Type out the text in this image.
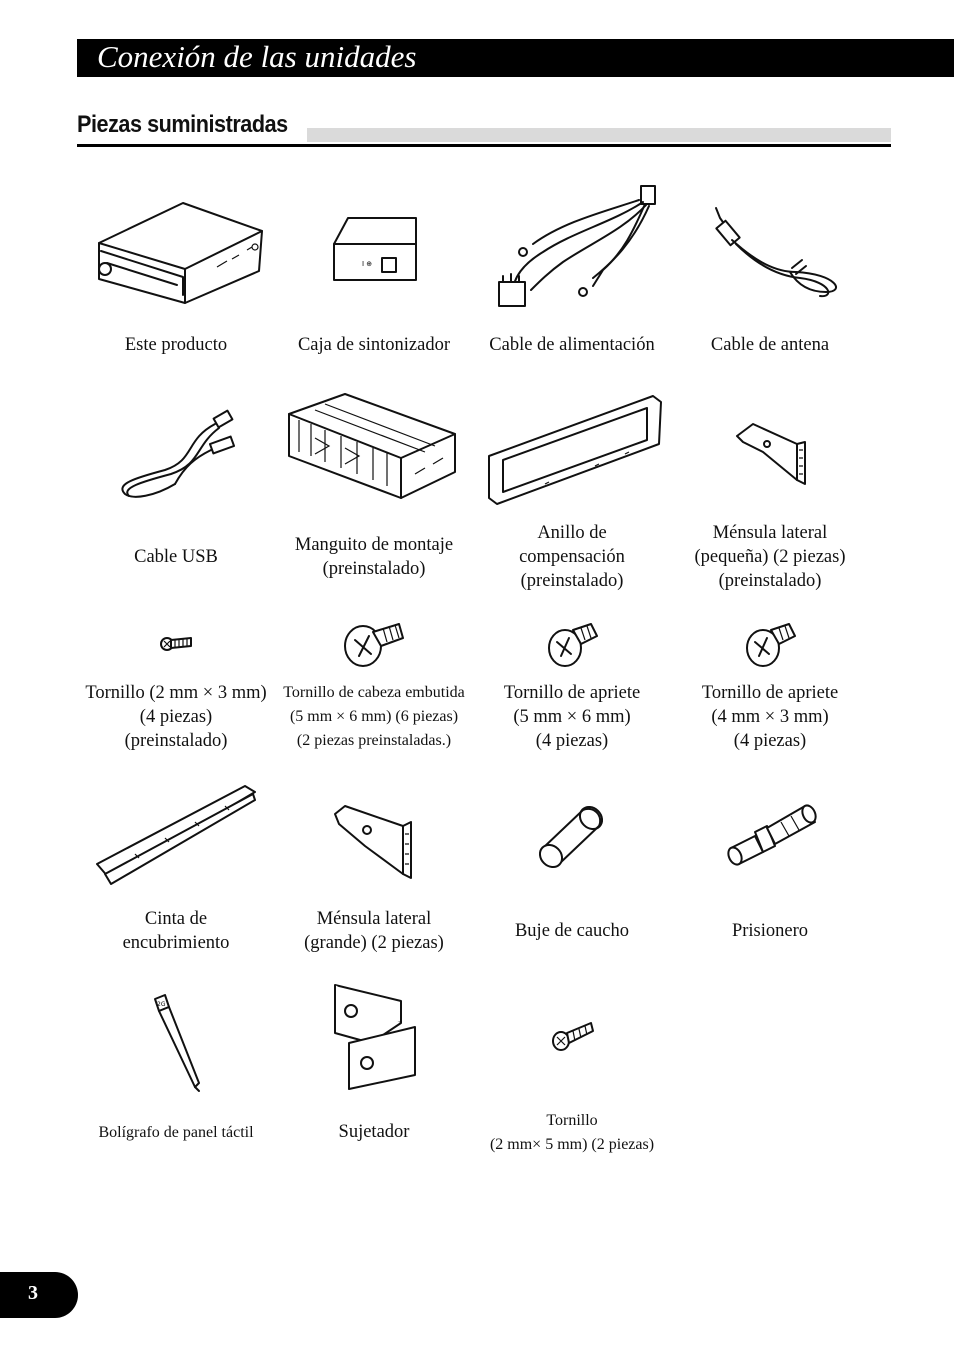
Conexión de las unidades
Piezas suministradas
Este producto
I ⊕
Caja de sintonizador	Cable de alimentación	Cable de antena
Cable USB
Manguito de montaje
(preinstalado)
Anillo de
compensación
(preinstalado)
Ménsula lateral
(pequeña) (2 piezas)
(preinstalado)
Tornillo (2 mm × 3 mm)
(4 piezas)
(preinstalado)
Tornillo de cabeza embutida
(5 mm × 6 mm) (6 piezas)
(2 piezas preinstaladas.)
Tornillo de apriete
(5 mm × 6 mm)
(4 piezas)
Tornillo de apriete
(4 mm × 3 mm)
(4 piezas)
Cinta de
encubrimiento
Ménsula lateral
(grande) (2 piezas)
Buje de caucho	Prisionero
2G
Bolígrafo de panel táctil	Sujetador
Tornillo
(2 mm× 5 mm) (2 piezas)
3
